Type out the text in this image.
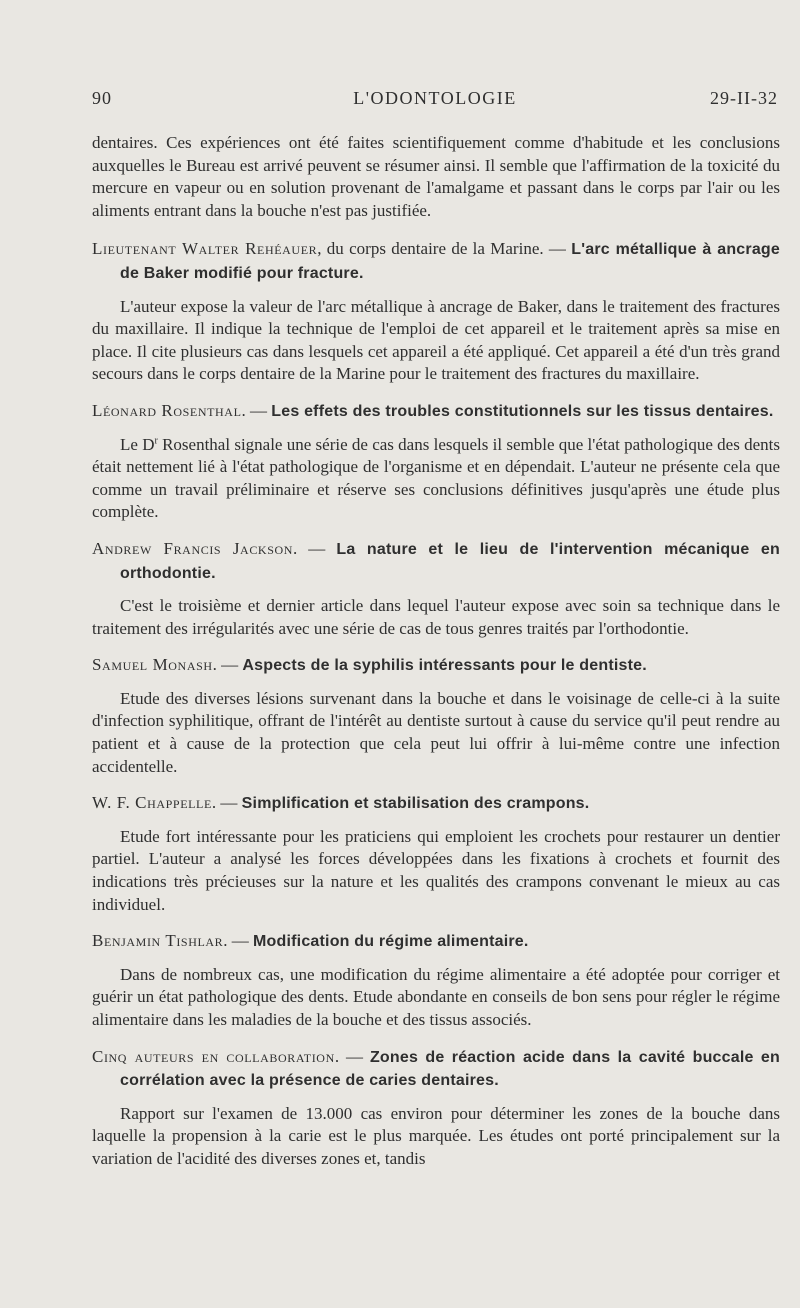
90	L'ODONTOLOGIE	29-II-32

dentaires. Ces expériences ont été faites scientifiquement comme d'habitude et les conclusions auxquelles le Bureau est arrivé peuvent se résumer ainsi. Il semble que l'affirmation de la toxicité du mercure en vapeur ou en solution provenant de l'amalgame et passant dans le corps par l'air ou les aliments entrant dans la bouche n'est pas justifiée.

Lieutenant Walter Rehéauer, du corps dentaire de la Marine. — L'arc métallique à ancrage de Baker modifié pour fracture.

L'auteur expose la valeur de l'arc métallique à ancrage de Baker, dans le traitement des fractures du maxillaire. Il indique la technique de l'emploi de cet appareil et le traitement après sa mise en place. Il cite plusieurs cas dans lesquels cet appareil a été appliqué. Cet appareil a été d'un très grand secours dans le corps dentaire de la Marine pour le traitement des fractures du maxillaire.

Léonard Rosenthal. — Les effets des troubles constitutionnels sur les tissus dentaires.

Le $D^r$ Rosenthal signale une série de cas dans lesquels il semble que l'état pathologique des dents était nettement lié à l'état pathologique de l'organisme et en dépendait. L'auteur ne présente cela que comme un travail préliminaire et réserve ses conclusions définitives jusqu'après une étude plus complète.

Andrew Francis Jackson. — La nature et le lieu de l'intervention mécanique en orthodontie.

C'est le troisième et dernier article dans lequel l'auteur expose avec soin sa technique dans le traitement des irrégularités avec une série de cas de tous genres traités par l'orthodontie.

Samuel Monash. — Aspects de la syphilis intéressants pour le dentiste.

Etude des diverses lésions survenant dans la bouche et dans le voisinage de celle-ci à la suite d'infection syphilitique, offrant de l'intérêt au dentiste surtout à cause du service qu'il peut rendre au patient et à cause de la protection que cela peut lui offrir à lui-même contre une infection accidentelle.

W. F. Chappelle. — Simplification et stabilisation des crampons.

Etude fort intéressante pour les praticiens qui emploient les crochets pour restaurer un dentier partiel. L'auteur a analysé les forces développées dans les fixations à crochets et fournit des indications très précieuses sur la nature et les qualités des crampons convenant le mieux au cas individuel.

Benjamin Tishlar. — Modification du régime alimentaire.

Dans de nombreux cas, une modification du régime alimentaire a été adoptée pour corriger et guérir un état pathologique des dents. Etude abondante en conseils de bon sens pour régler le régime alimentaire dans les maladies de la bouche et des tissus associés.

Cinq auteurs en collaboration. — Zones de réaction acide dans la cavité buccale en corrélation avec la présence de caries dentaires.

Rapport sur l'examen de 13.000 cas environ pour déterminer les zones de la bouche dans laquelle la propension à la carie est le plus marquée. Les études ont porté principalement sur la variation de l'acidité des diverses zones et, tandis
